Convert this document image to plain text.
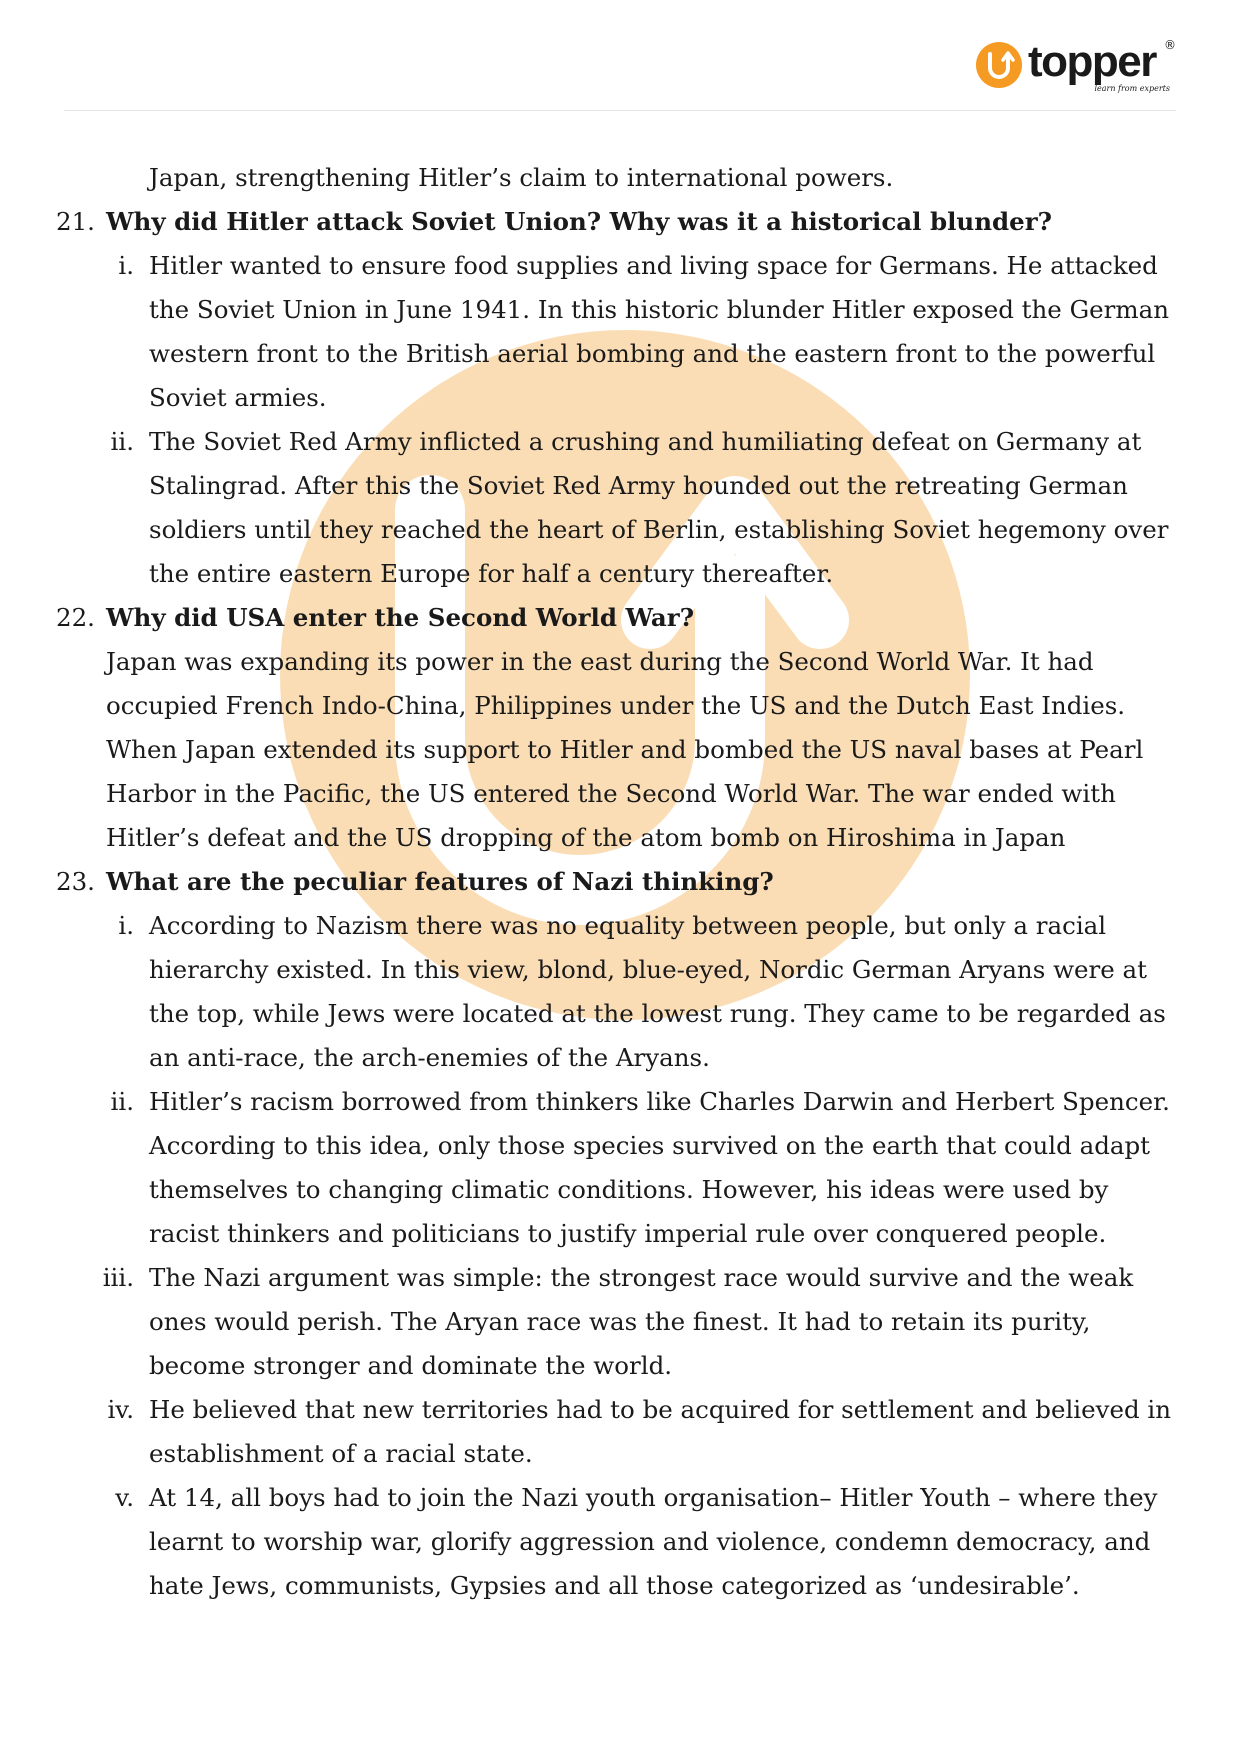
topper ®
learn from experts
Japan, strengthening Hitler’s claim to international powers.
21. Why did Hitler attack Soviet Union? Why was it a historical blunder?
i. Hitler wanted to ensure food supplies and living space for Germans. He attacked the Soviet Union in June 1941. In this historic blunder Hitler exposed the German western front to the British aerial bombing and the eastern front to the powerful Soviet armies.
ii. The Soviet Red Army inflicted a crushing and humiliating defeat on Germany at Stalingrad. After this the Soviet Red Army hounded out the retreating German soldiers until they reached the heart of Berlin, establishing Soviet hegemony over the entire eastern Europe for half a century thereafter.
22. Why did USA enter the Second World War?
Japan was expanding its power in the east during the Second World War. It had occupied French Indo-China, Philippines under the US and the Dutch East Indies. When Japan extended its support to Hitler and bombed the US naval bases at Pearl Harbor in the Pacific, the US entered the Second World War. The war ended with Hitler’s defeat and the US dropping of the atom bomb on Hiroshima in Japan
23. What are the peculiar features of Nazi thinking?
i. According to Nazism there was no equality between people, but only a racial hierarchy existed. In this view, blond, blue-eyed, Nordic German Aryans were at the top, while Jews were located at the lowest rung. They came to be regarded as an anti-race, the arch-enemies of the Aryans.
ii. Hitler’s racism borrowed from thinkers like Charles Darwin and Herbert Spencer. According to this idea, only those species survived on the earth that could adapt themselves to changing climatic conditions. However, his ideas were used by racist thinkers and politicians to justify imperial rule over conquered people.
iii. The Nazi argument was simple: the strongest race would survive and the weak ones would perish. The Aryan race was the finest. It had to retain its purity, become stronger and dominate the world.
iv. He believed that new territories had to be acquired for settlement and believed in establishment of a racial state.
v. At 14, all boys had to join the Nazi youth organisation– Hitler Youth – where they learnt to worship war, glorify aggression and violence, condemn democracy, and hate Jews, communists, Gypsies and all those categorized as ‘undesirable’.
